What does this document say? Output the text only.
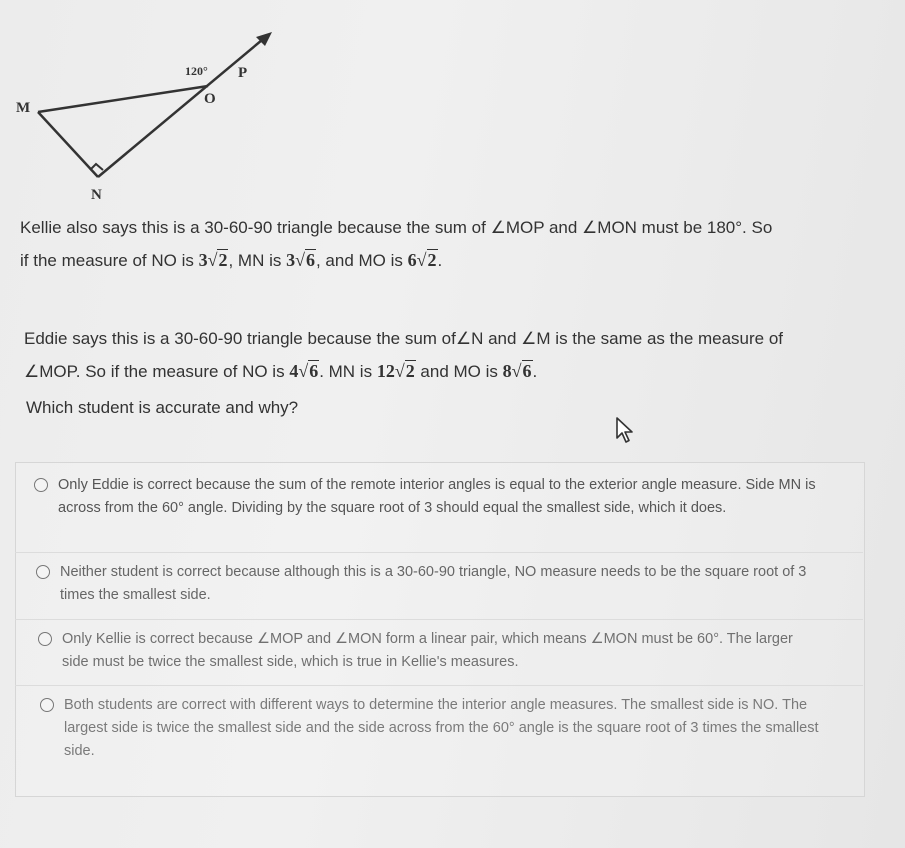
120° P
O
M
N
Kellie also says this is a 30-60-90 triangle because the sum of ∠MOP and ∠MON must be 180°. So
if the measure of NO is 3√2, MN is 3√6, and MO is 6√2.
Eddie says this is a 30-60-90 triangle because the sum of∠N and ∠M is the same as the measure of
∠MOP. So if the measure of NO is 4√6. MN is 12√2 and MO is 8√6.
Which student is accurate and why?
Only Eddie is correct because the sum of the remote interior angles is equal to the exterior angle measure. Side MN is across from the 60° angle. Dividing by the square root of 3 should equal the smallest side, which it does.
Neither student is correct because although this is a 30-60-90 triangle, NO measure needs to be the square root of 3 times the smallest side.
Only Kellie is correct because ∠MOP and ∠MON form a linear pair, which means ∠MON must be 60°. The larger side must be twice the smallest side, which is true in Kellie's measures.
Both students are correct with different ways to determine the interior angle measures. The smallest side is NO. The largest side is twice the smallest side and the side across from the 60° angle is the square root of 3 times the smallest side.
